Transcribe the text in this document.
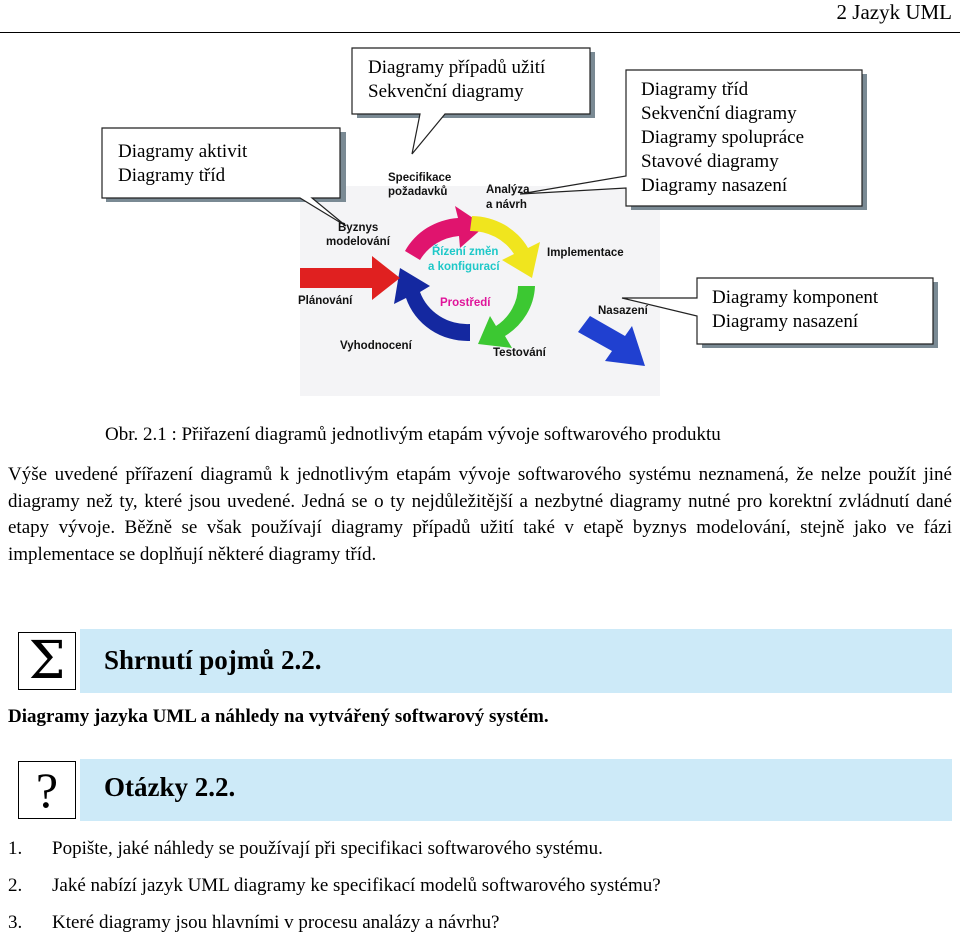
2 Jazyk UML
Specifikace
požadavků	Analýza
a návrh
Byznys
modelování
Řízení změn
a konfigurací
Implementace
Plánování	Prostředí
Nasazení
Vyhodnocení
Testování
Diagramy aktivit
Diagramy tříd
Diagramy případů užití
Sekvenční diagramy	Diagramy tříd
Sekvenční diagramy
Diagramy spolupráce
Stavové diagramy
Diagramy nasazení
Diagramy komponent
Diagramy nasazení
Obr. 2.1 : Přiřazení diagramů jednotlivým etapám vývoje softwarového produktu
Výše uvedené přířazení diagramů k jednotlivým etapám vývoje softwarového systému neznamená, že nelze použít jiné diagramy než ty, které jsou uvedené. Jedná se o ty nejdůležitější a nezbytné diagramy nutné pro korektní zvládnutí dané etapy vývoje. Běžně se však používají diagramy případů užití také v etapě byznys modelování, stejně jako ve fázi implementace se doplňují některé diagramy tříd.
Σ Shrnutí pojmů 2.2.
Diagramy jazyka UML a náhledy na vytvářený softwarový systém.
? Otázky 2.2.
1. Popište, jaké náhledy se používají při specifikaci softwarového systému.
2. Jaké nabízí jazyk UML diagramy ke specifikací modelů softwarového systému?
3. Které diagramy jsou hlavními v procesu analázy a návrhu?
